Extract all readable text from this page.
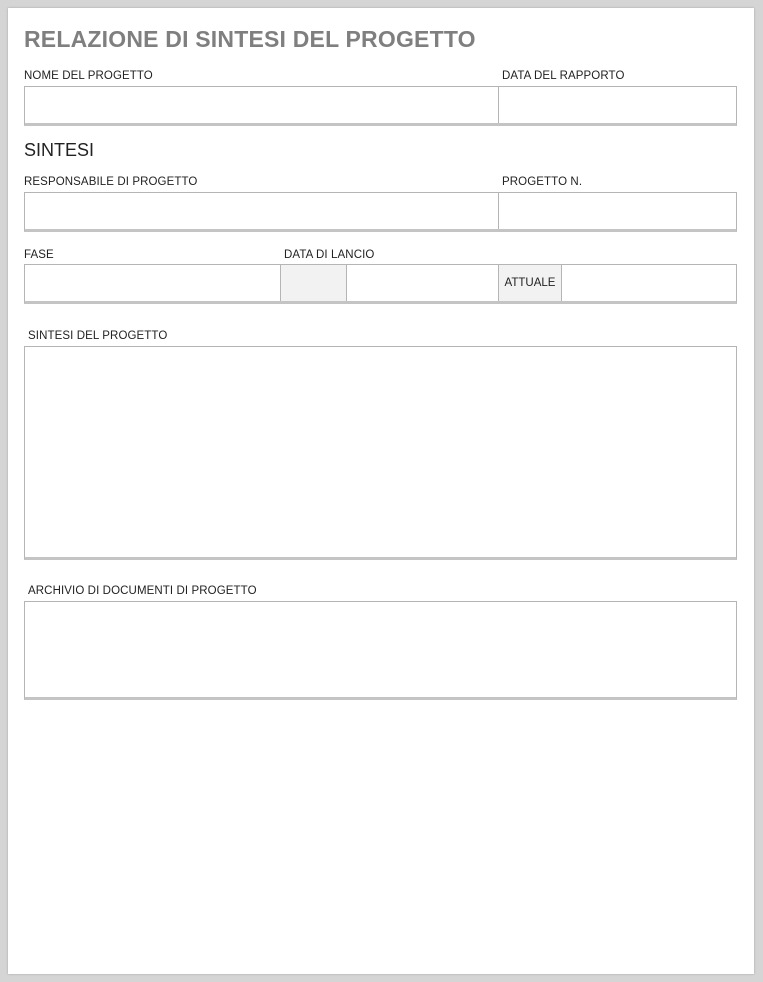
RELAZIONE DI SINTESI DEL PROGETTO
NOME DEL PROGETTO	DATA DEL RAPPORTO
SINTESI
RESPONSABILE DI PROGETTO	PROGETTO N.
FASE	DATA DI LANCIO
ATTUALE
SINTESI DEL PROGETTO
ARCHIVIO DI DOCUMENTI DI PROGETTO
